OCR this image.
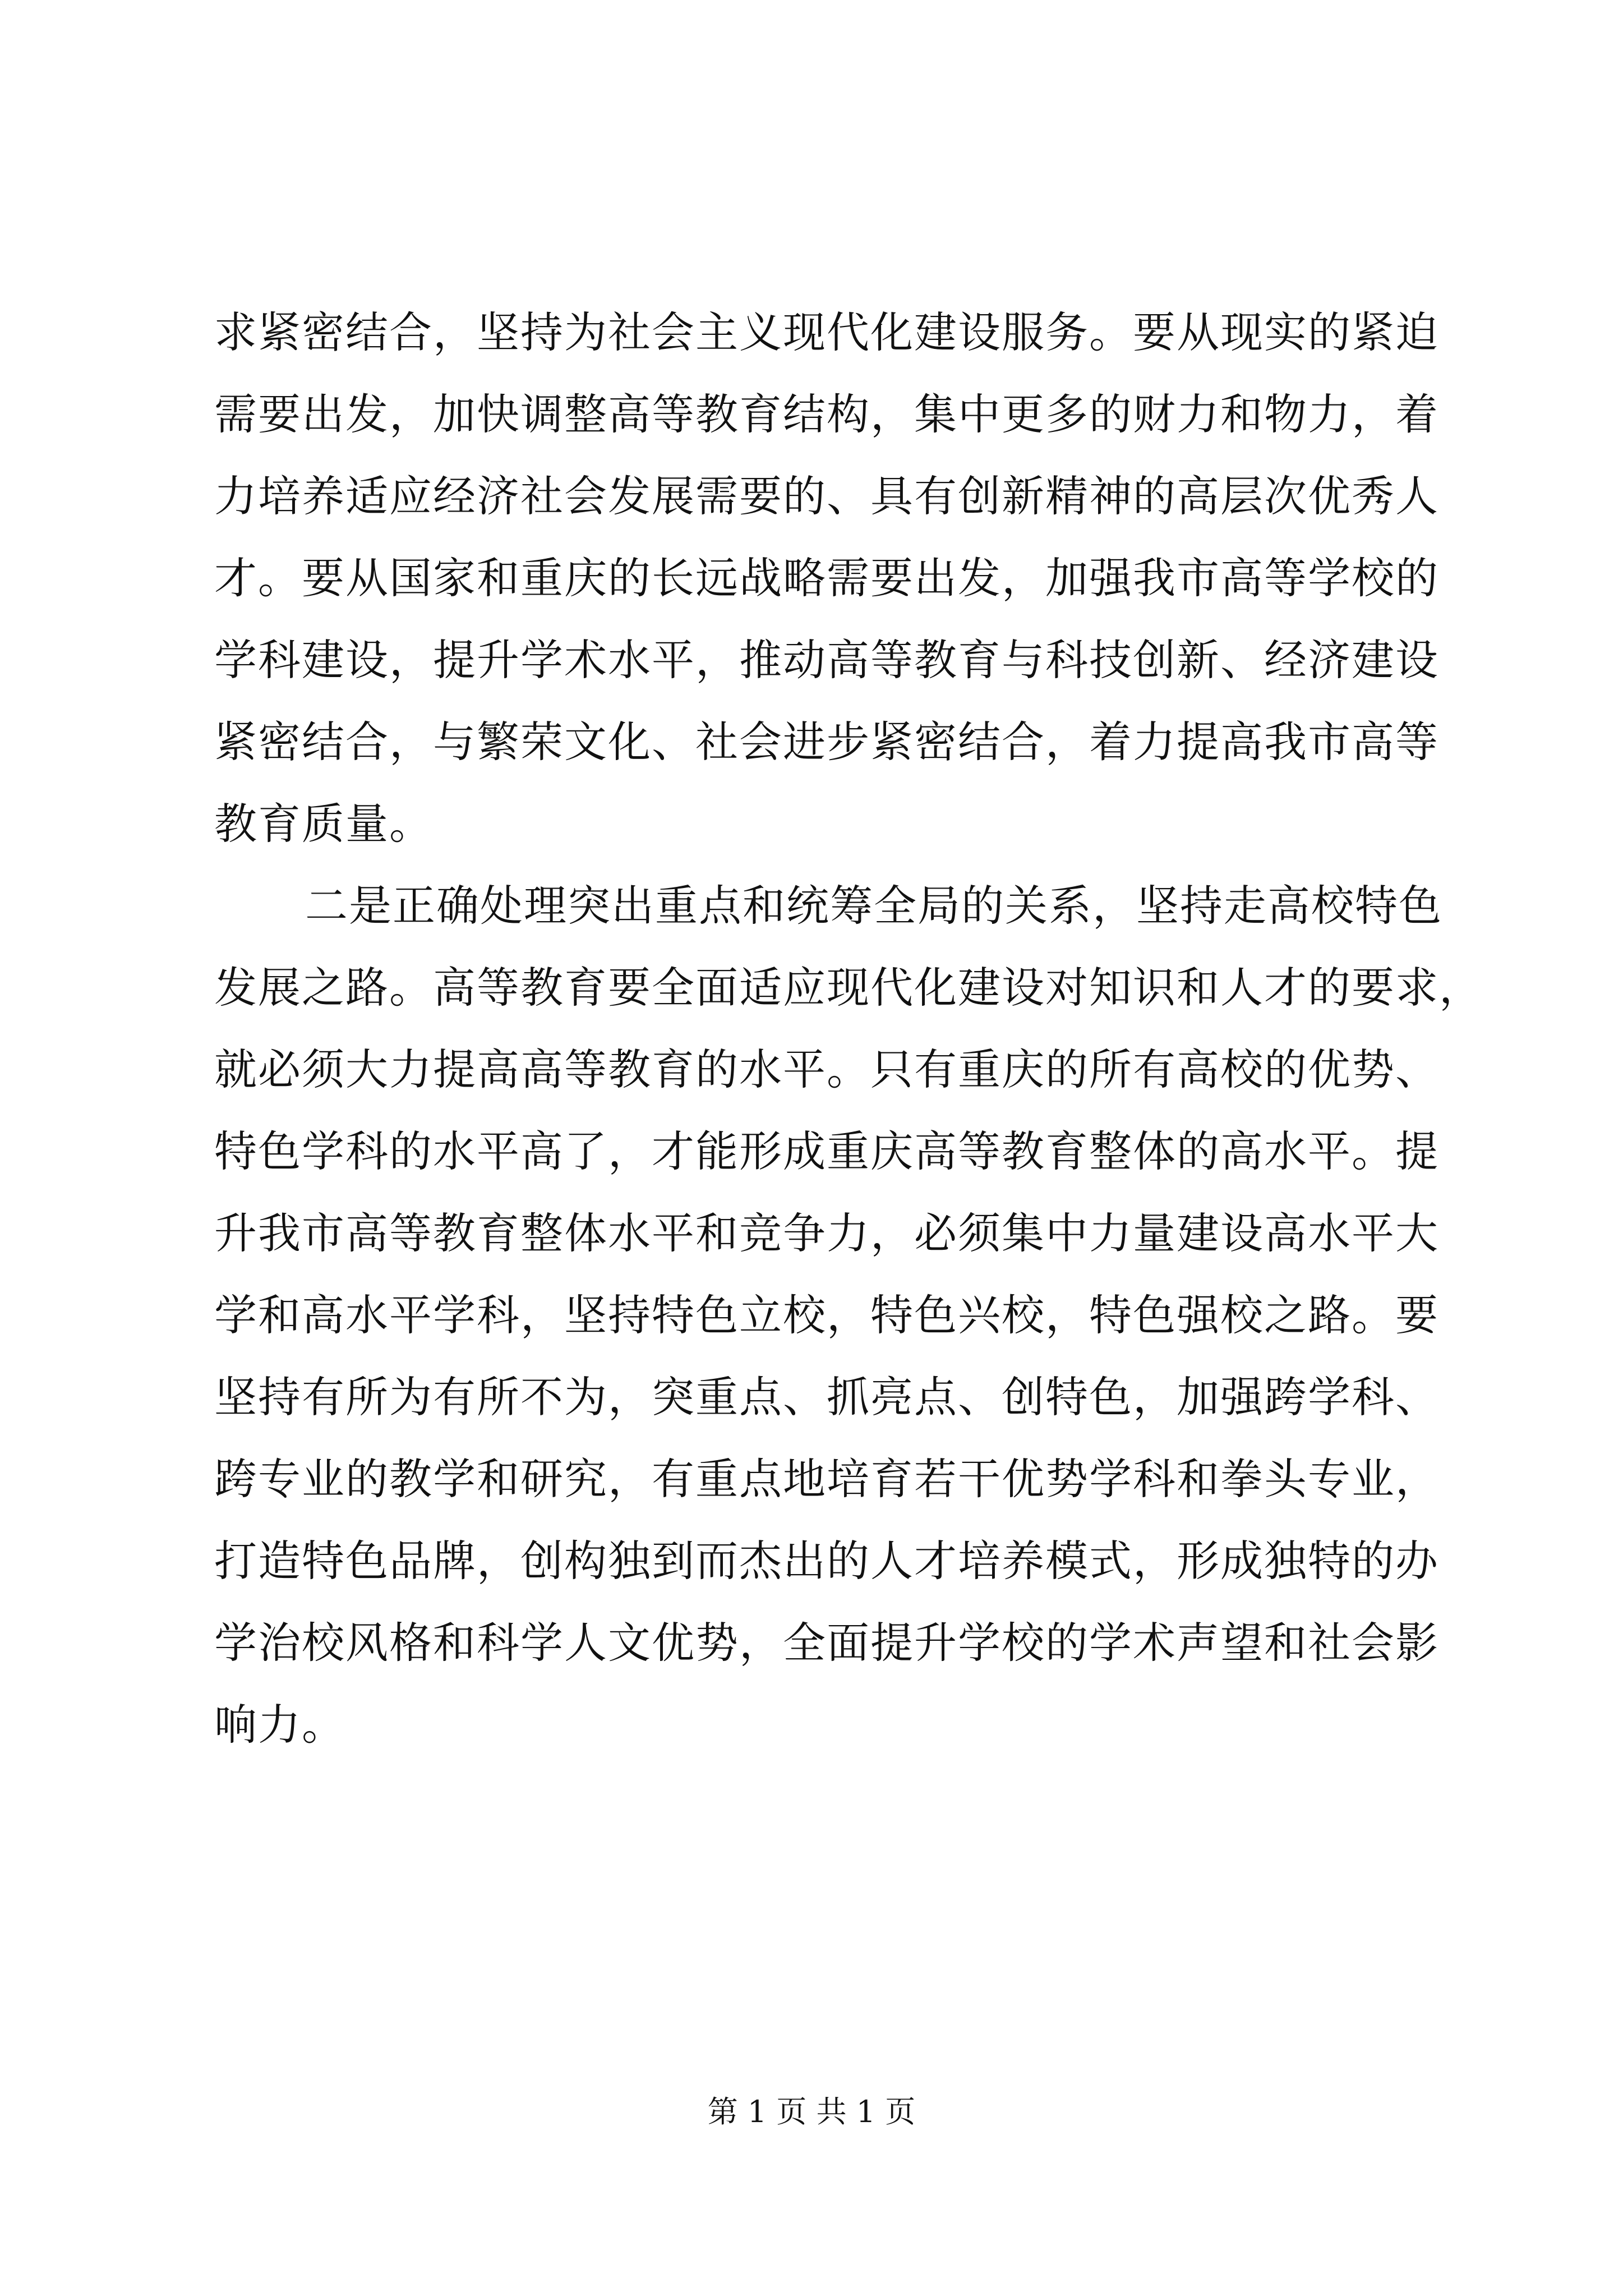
求紧密结合，坚持为社会主义现代化建设服务。要从现实的紧迫
需要出发，加快调整高等教育结构，集中更多的财力和物力，着
力培养适应经济社会发展需要的、具有创新精神的高层次优秀人
才。要从国家和重庆的长远战略需要出发，加强我市高等学校的
学科建设，提升学术水平，推动高等教育与科技创新、经济建设
紧密结合，与繁荣文化、社会进步紧密结合，着力提高我市高等
教育质量。
二是正确处理突出重点和统筹全局的关系，坚持走高校特色
发展之路。高等教育要全面适应现代化建设对知识和人才的要求，
就必须大力提高高等教育的水平。只有重庆的所有高校的优势、
特色学科的水平高了，才能形成重庆高等教育整体的高水平。提
升我市高等教育整体水平和竞争力，必须集中力量建设高水平大
学和高水平学科，坚持特色立校，特色兴校，特色强校之路。要
坚持有所为有所不为，突重点、抓亮点、创特色，加强跨学科、
跨专业的教学和研究，有重点地培育若干优势学科和拳头专业，
打造特色品牌，创构独到而杰出的人才培养模式，形成独特的办
学治校风格和科学人文优势，全面提升学校的学术声望和社会影
响力。
第 1 页 共 1 页
